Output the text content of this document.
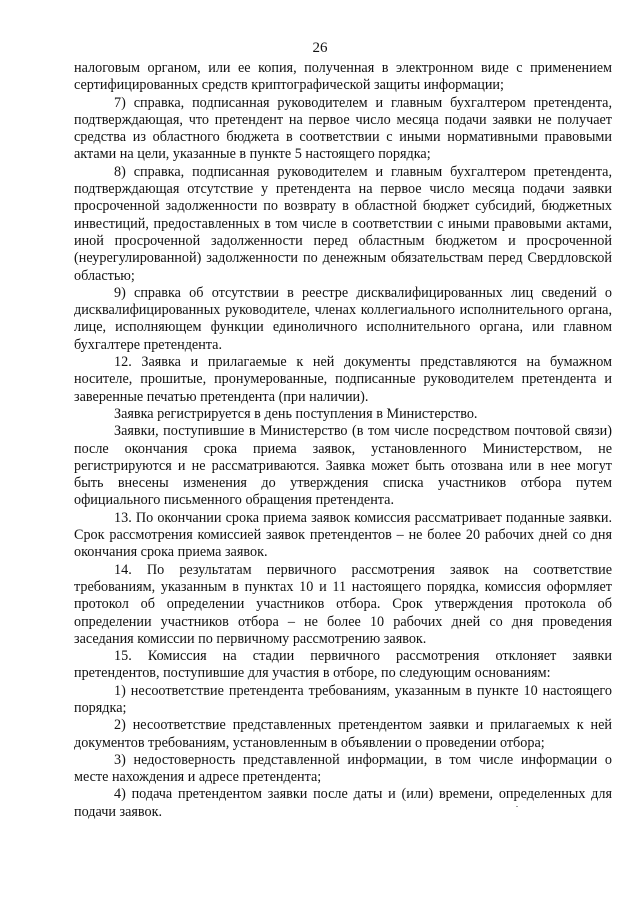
26

налоговым органом, или ее копия, полученная в электронном виде с применением сертифицированных средств криптографической защиты информации;

7) справка, подписанная руководителем и главным бухгалтером претендента, подтверждающая, что претендент на первое число месяца подачи заявки не получает средства из областного бюджета в соответствии с иными нормативными правовыми актами на цели, указанные в пункте 5 настоящего порядка;

8) справка, подписанная руководителем и главным бухгалтером претендента, подтверждающая отсутствие у претендента на первое число месяца подачи заявки просроченной задолженности по возврату в областной бюджет субсидий, бюджетных инвестиций, предоставленных в том числе в соответствии с иными правовыми актами, иной просроченной задолженности перед областным бюджетом и просроченной (неурегулированной) задолженности по денежным обязательствам перед Свердловской областью;

9) справка об отсутствии в реестре дисквалифицированных лиц сведений о дисквалифицированных руководителе, членах коллегиального исполнительного органа, лице, исполняющем функции единоличного исполнительного органа, или главном бухгалтере претендента.

12. Заявка и прилагаемые к ней документы представляются на бумажном носителе, прошитые, пронумерованные, подписанные руководителем претендента и заверенные печатью претендента (при наличии).

Заявка регистрируется в день поступления в Министерство.

Заявки, поступившие в Министерство (в том числе посредством почтовой связи) после окончания срока приема заявок, установленного Министерством, не регистрируются и не рассматриваются. Заявка может быть отозвана или в нее могут быть внесены изменения до утверждения списка участников отбора путем официального письменного обращения претендента.

13. По окончании срока приема заявок комиссия рассматривает поданные заявки. Срок рассмотрения комиссией заявок претендентов – не более 20 рабочих дней со дня окончания срока приема заявок.

14. По результатам первичного рассмотрения заявок на соответствие требованиям, указанным в пунктах 10 и 11 настоящего порядка, комиссия оформляет протокол об определении участников отбора. Срок утверждения протокола об определении участников отбора – не более 10 рабочих дней со дня проведения заседания комиссии по первичному рассмотрению заявок.

15. Комиссия на стадии первичного рассмотрения отклоняет заявки претендентов, поступившие для участия в отборе, по следующим основаниям:

1) несоответствие претендента требованиям, указанным в пункте 10 настоящего порядка;

2) несоответствие представленных претендентом заявки и прилагаемых к ней документов требованиям, установленным в объявлении о проведении отбора;

3) недостоверность представленной информации, в том числе информации о месте нахождения и адресе претендента;

4) подача претендентом заявки после даты и (или) времени, определенных для подачи заявок.
